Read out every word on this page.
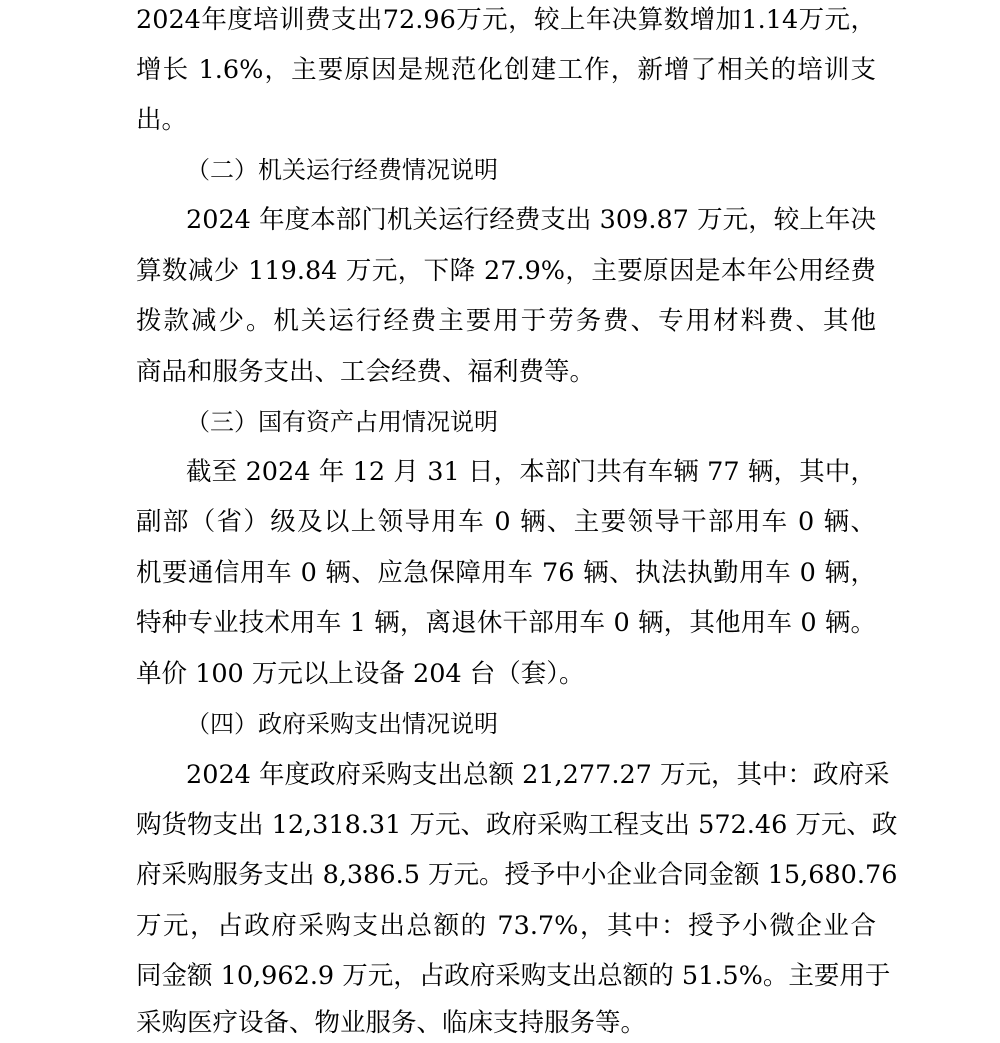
2024年度培训费支出72.96万元，较上年决算数增加1.14万元，
增长 1.6%，主要原因是规范化创建工作，新增了相关的培训支
出。
（二）机关运行经费情况说明
2024 年度本部门机关运行经费支出 309.87 万元，较上年决
算数减少 119.84 万元，下降 27.9%，主要原因是本年公用经费
拨款减少。机关运行经费主要用于劳务费、专用材料费、其他
商品和服务支出、工会经费、福利费等。
（三）国有资产占用情况说明
截至 2024 年 12 月 31 日，本部门共有车辆 77 辆，其中，
副部（省）级及以上领导用车 0 辆、主要领导干部用车 0 辆、
机要通信用车 0 辆、应急保障用车 76 辆、执法执勤用车 0 辆，
特种专业技术用车 1 辆，离退休干部用车 0 辆，其他用车 0 辆。
单价 100 万元以上设备 204 台（套）。
（四）政府采购支出情况说明
2024 年度政府采购支出总额 21,277.27 万元，其中：政府采
购货物支出 12,318.31 万元、政府采购工程支出 572.46 万元、政
府采购服务支出 8,386.5 万元。授予中小企业合同金额 15,680.76
万元，占政府采购支出总额的 73.7%，其中：授予小微企业合
同金额 10,962.9 万元，占政府采购支出总额的 51.5%。主要用于
采购医疗设备、物业服务、临床支持服务等。
